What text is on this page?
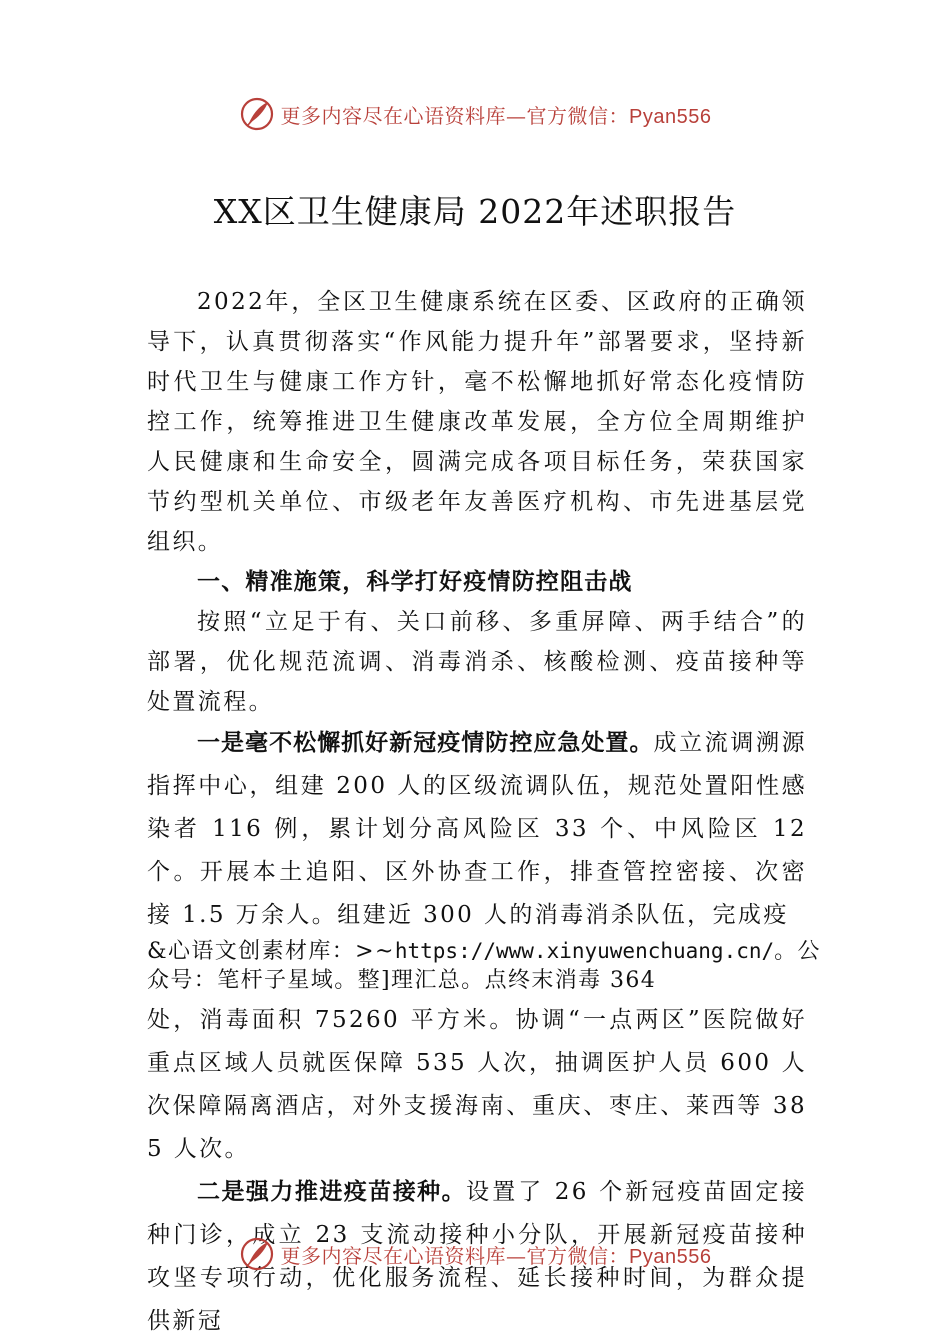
更多内容尽在心语资料库—官方微信：Pyan556
XX区卫生健康局 2022年述职报告

2022年，全区卫生健康系统在区委、区政府的正确领导下，认真贯彻落实“作风能力提升年”部署要求，坚持新时代卫生与健康工作方针，毫不松懈地抓好常态化疫情防控工作，统筹推进卫生健康改革发展，全方位全周期维护人民健康和生命安全，圆满完成各项目标任务，荣获国家节约型机关单位、市级老年友善医疗机构、市先进基层党组织。

一、精准施策，科学打好疫情防控阻击战

按照“立足于有、关口前移、多重屏障、两手结合”的部署，优化规范流调、消毒消杀、核酸检测、疫苗接种等处置流程。

一是毫不松懈抓好新冠疫情防控应急处置。成立流调溯源指挥中心，组建 200 人的区级流调队伍，规范处置阳性感染者 116 例，累计划分高风险区 33 个、中风险区 12 个。开展本土追阳、区外协查工作，排查管控密接、次密接 1.5 万余人。组建近 300 人的消毒消杀队伍，完成疫

&心语文创素材库：>~https://www.xinyuwenchuang.cn/。公众号：笔杆子星域。整]理汇总。点终末消毒 364

处，消毒面积 75260 平方米。协调“一点两区”医院做好重点区域人员就医保障 535 人次，抽调医护人员 600 人次保障隔离酒店，对外支援海南、重庆、枣庄、莱西等 385 人次。

二是强力推进疫苗接种。设置了 26 个新冠疫苗固定接种门诊，成立 23 支流动接种小分队，开展新冠疫苗接种攻坚专项行动，优化服务流程、延长接种时间，为群众提供新冠

更多内容尽在心语资料库—官方微信：Pyan556
